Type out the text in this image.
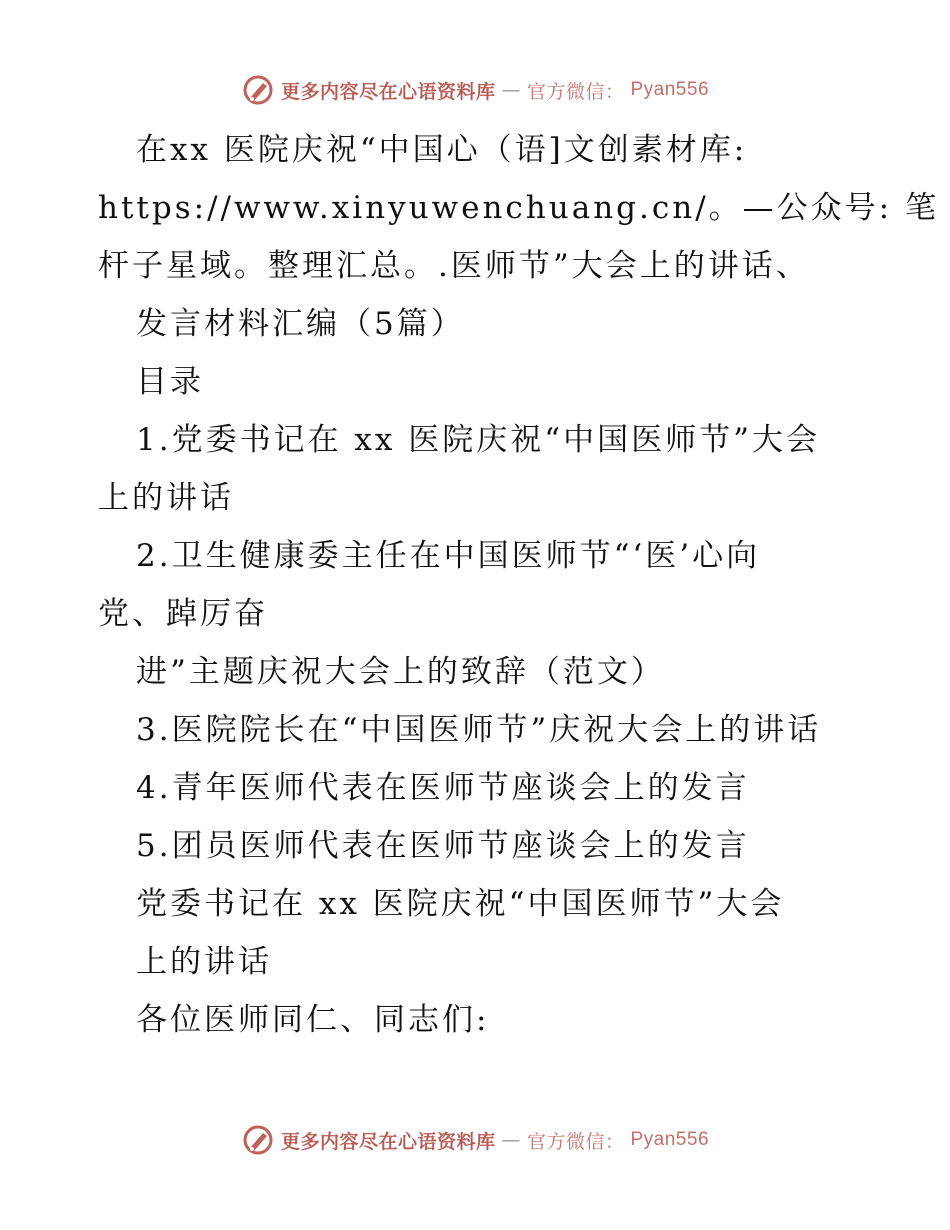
更多内容尽在心语资料库 — 官方微信： Pyan556
在xx 医院庆祝“中国心（语]文创素材库:
https://www.xinyuwenchuang.cn/。—公众号: 笔
杆子星域。整理汇总。.医师节”大会上的讲话、
发言材料汇编（5篇）
目录
1.党委书记在 xx 医院庆祝“中国医师节”大会
上的讲话
2.卫生健康委主任在中国医师节“‘医’心向
党、踔厉奋
进”主题庆祝大会上的致辞（范文）
3.医院院长在“中国医师节”庆祝大会上的讲话
4.青年医师代表在医师节座谈会上的发言
5.团员医师代表在医师节座谈会上的发言
党委书记在 xx 医院庆祝“中国医师节”大会
上的讲话
各位医师同仁、同志们:
更多内容尽在心语资料库 — 官方微信： Pyan556
